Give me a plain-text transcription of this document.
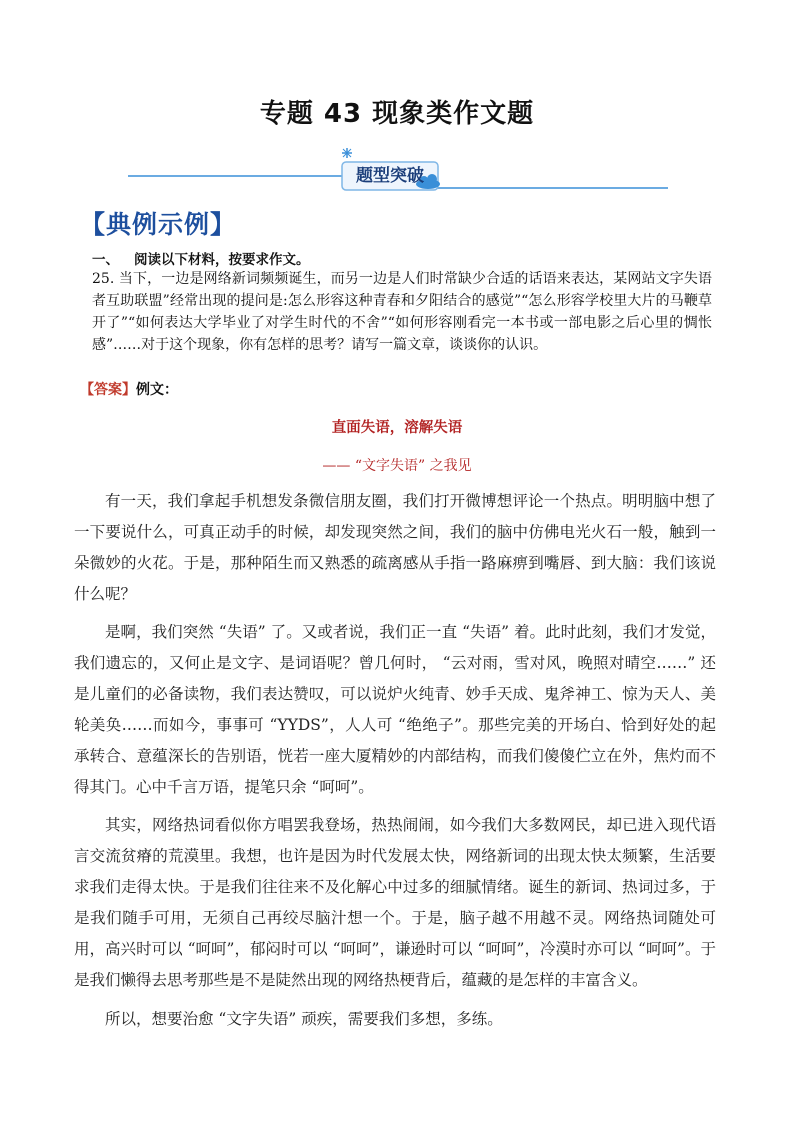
专题 43 现象类作文题
题型突破
【典例示例】
一、 阅读以下材料，按要求作文。
25. 当下，一边是网络新词频频诞生，而另一边是人们时常缺少合适的话语来表达，某网站文字失语者互助联盟”经常出现的提问是:怎么形容这种青春和夕阳结合的感觉”“怎么形容学校里大片的马鞭草开了”“如何表达大学毕业了对学生时代的不舍”“如何形容刚看完一本书或一部电影之后心里的惆怅感”……对于这个现象，你有怎样的思考？请写一篇文章，谈谈你的认识。
【答案】例文：
直面失语，溶解失语
—— “文字失语” 之我见

有一天，我们拿起手机想发条微信朋友圈，我们打开微博想评论一个热点。明明脑中想了一下要说什么，可真正动手的时候，却发现突然之间，我们的脑中仿佛电光火石一般，触到一朵微妙的火花。于是，那种陌生而又熟悉的疏离感从手指一路麻痹到嘴唇、到大脑：我们该说什么呢？

是啊，我们突然 “失语” 了。又或者说，我们正一直 “失语” 着。此时此刻，我们才发觉，我们遗忘的，又何止是文字、是词语呢？曾几何时， “云对雨，雪对风，晚照对晴空……” 还是儿童们的必备读物，我们表达赞叹，可以说炉火纯青、妙手天成、鬼斧神工、惊为天人、美轮美奂……而如今，事事可 “YYDS”，人人可 “绝绝子”。那些完美的开场白、恰到好处的起承转合、意蕴深长的告别语，恍若一座大厦精妙的内部结构，而我们傻傻伫立在外，焦灼而不得其门。心中千言万语，提笔只余 “呵呵”。

其实，网络热词看似你方唱罢我登场，热热闹闹，如今我们大多数网民，却已进入现代语言交流贫瘠的荒漠里。我想，也许是因为时代发展太快，网络新词的出现太快太频繁，生活要求我们走得太快。于是我们往往来不及化解心中过多的细腻情绪。诞生的新词、热词过多，于是我们随手可用，无须自己再绞尽脑汁想一个。于是，脑子越不用越不灵。网络热词随处可用，高兴时可以 “呵呵”，郁闷时可以 “呵呵”，谦逊时可以 “呵呵”，冷漠时亦可以 “呵呵”。于是我们懒得去思考那些是不是陡然出现的网络热梗背后，蕴藏的是怎样的丰富含义。

所以，想要治愈 “文字失语” 顽疾，需要我们多想，多练。
